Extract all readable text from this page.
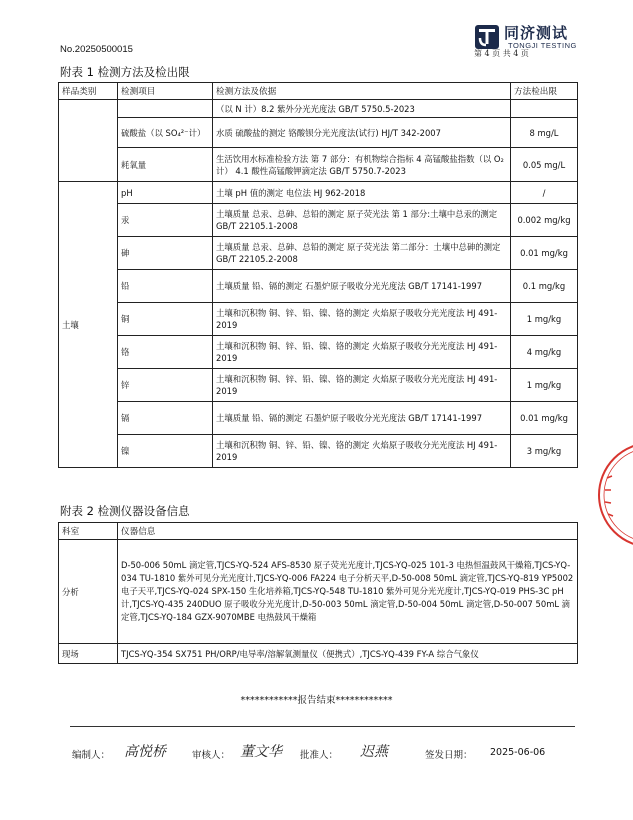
No.20250500015
同济测试
TONGJI TESTING
第 4 页 共 4 页
附表 1 检测方法及检出限
样品类别	检测项目	检测方法及依据	方法检出限
		（以 N 计）8.2 紫外分光光度法 GB/T 5750.5-2023	
	硫酸盐（以 SO₄²⁻计）	水质 硫酸盐的测定 铬酸钡分光光度法(试行) HJ/T 342-2007	8 mg/L
	耗氧量	生活饮用水标准检验方法 第 7 部分：有机物综合指标 4 高锰酸盐指数（以 O₂ 计） 4.1 酸性高锰酸钾滴定法 GB/T 5750.7-2023	0.05 mg/L
土壤	pH	土壤 pH 值的测定 电位法 HJ 962-2018	/
	汞	土壤质量 总汞、总砷、总铅的测定 原子荧光法 第 1 部分:土壤中总汞的测定 GB/T 22105.1-2008	0.002 mg/kg
	砷	土壤质量 总汞、总砷、总铅的测定 原子荧光法 第二部分：土壤中总砷的测定 GB/T 22105.2-2008	0.01 mg/kg
	铅	土壤质量 铅、镉的测定 石墨炉原子吸收分光光度法 GB/T 17141-1997	0.1 mg/kg
	铜	土壤和沉积物 铜、锌、铅、镍、铬的测定 火焰原子吸收分光光度法 HJ 491-2019	1 mg/kg
	铬	土壤和沉积物 铜、锌、铅、镍、铬的测定 火焰原子吸收分光光度法 HJ 491-2019	4 mg/kg
	锌	土壤和沉积物 铜、锌、铅、镍、铬的测定 火焰原子吸收分光光度法 HJ 491-2019	1 mg/kg
	镉	土壤质量 铅、镉的测定 石墨炉原子吸收分光光度法 GB/T 17141-1997	0.01 mg/kg
	镍	土壤和沉积物 铜、锌、铅、镍、铬的测定 火焰原子吸收分光光度法 HJ 491-2019	3 mg/kg
附表 2 检测仪器设备信息
科室	仪器信息
分析	D-50-006 50mL 滴定管,TJCS-YQ-524 AFS-8530 原子荧光光度计,TJCS-YQ-025 101-3 电热恒温鼓风干燥箱,TJCS-YQ-034 TU-1810 紫外可见分光光度计,TJCS-YQ-006 FA224 电子分析天平,D-50-008 50mL 滴定管,TJCS-YQ-819 YP5002 电子天平,TJCS-YQ-024 SPX-150 生化培养箱,TJCS-YQ-548 TU-1810 紫外可见分光光度计,TJCS-YQ-019 PHS-3C pH 计,TJCS-YQ-435 240DUO 原子吸收分光光度计,D-50-003 50mL 滴定管,D-50-004 50mL 滴定管,D-50-007 50mL 滴定管,TJCS-YQ-184 GZX-9070MBE 电热鼓风干燥箱
现场	TJCS-YQ-354 SX751 PH/ORP/电导率/溶解氧测量仪（便携式）,TJCS-YQ-439 FY-A 综合气象仪
************报告结束************
编制人： 高悦桥	审核人： 董文华 批准人： 迟燕	签发日期： 2025-06-06
